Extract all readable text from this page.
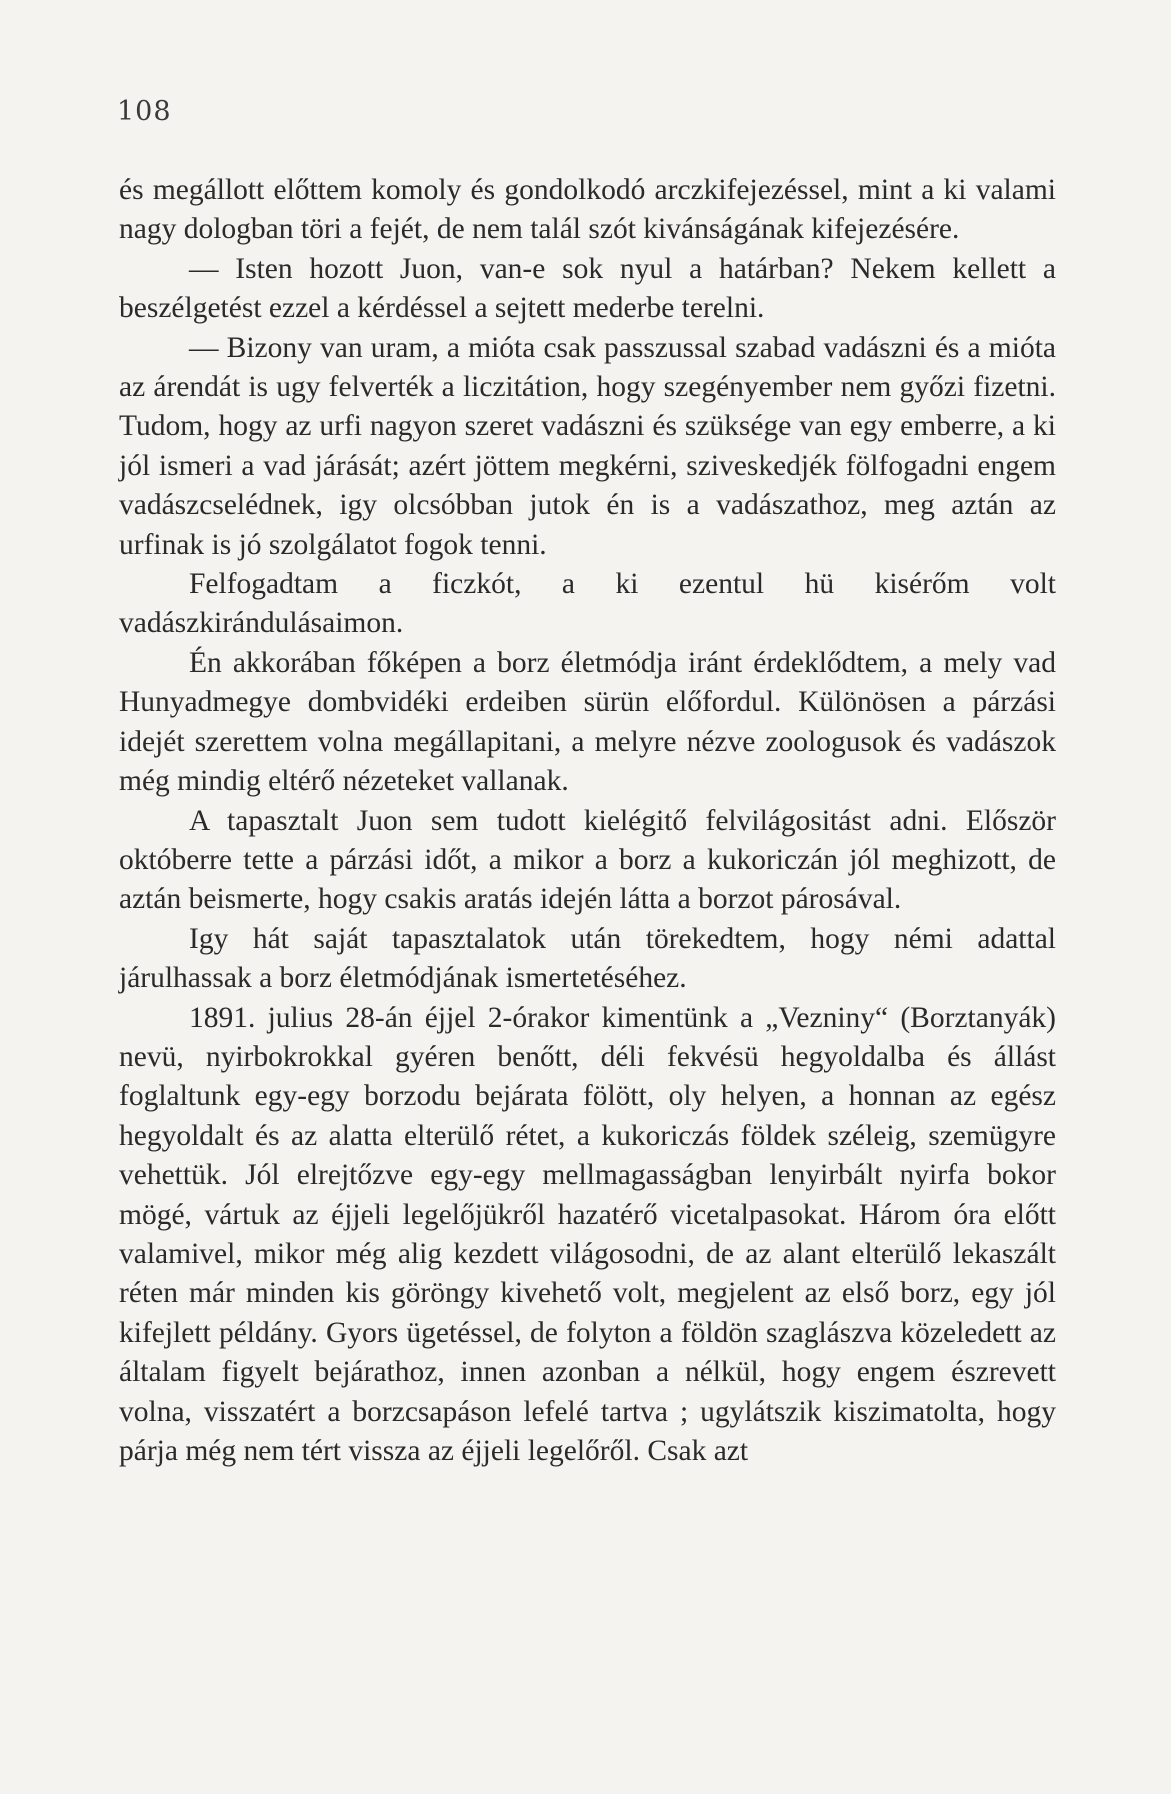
108

és megállott előttem komoly és gondolkodó arczkifejezéssel, mint a ki valami nagy dologban töri a fejét, de nem talál szót kivánságának kifejezésére.

— Isten hozott Juon, van-e sok nyul a határban? Nekem kellett a beszélgetést ezzel a kérdéssel a sejtett mederbe terelni.

— Bizony van uram, a mióta csak passzussal szabad vadászni és a mióta az árendát is ugy felverték a liczitátion, hogy szegényember nem győzi fizetni. Tudom, hogy az urfi nagyon szeret vadászni és szüksége van egy emberre, a ki jól ismeri a vad járását; azért jöttem megkérni, sziveskedjék fölfogadni engem vadászcselédnek, igy olcsóbban jutok én is a vadászathoz, meg aztán az urfinak is jó szolgálatot fogok tenni.

Felfogadtam a ficzkót, a ki ezentul hü kisérőm volt vadászkirándulásaimon.

Én akkorában főképen a borz életmódja iránt érdeklődtem, a mely vad Hunyadmegye dombvidéki erdeiben sürün előfordul. Különösen a párzási idejét szerettem volna megállapitani, a melyre nézve zoologusok és vadászok még mindig eltérő nézeteket vallanak.

A tapasztalt Juon sem tudott kielégitő felvilágositást adni. Először októberre tette a párzási időt, a mikor a borz a kukoriczán jól meghizott, de aztán beismerte, hogy csakis aratás idején látta a borzot párosával.

Igy hát saját tapasztalatok után törekedtem, hogy némi adattal járulhassak a borz életmódjának ismertetéséhez.

1891. julius 28-án éjjel 2-órakor kimentünk a „Vezniny“ (Borztanyák) nevü, nyirbokrokkal gyéren benőtt, déli fekvésü hegyoldalba és állást foglaltunk egy-egy borzodu bejárata fölött, oly helyen, a honnan az egész hegyoldalt és az alatta elterülő rétet, a kukoriczás földek széleig, szemügyre vehettük. Jól elrejtőzve egy-egy mellmagasságban lenyirbált nyirfa bokor mögé, vártuk az éjjeli legelőjükről hazatérő vicetalpasokat. Három óra előtt valamivel, mikor még alig kezdett világosodni, de az alant elterülő lekaszált réten már minden kis göröngy kivehető volt, megjelent az első borz, egy jól kifejlett példány. Gyors ügetéssel, de folyton a földön szaglászva közeledett az általam figyelt bejárathoz, innen azonban a nélkül, hogy engem észrevett volna, visszatért a borzcsapáson lefelé tartva ; ugylátszik kiszimatolta, hogy párja még nem tért vissza az éjjeli legelőről. Csak azt
